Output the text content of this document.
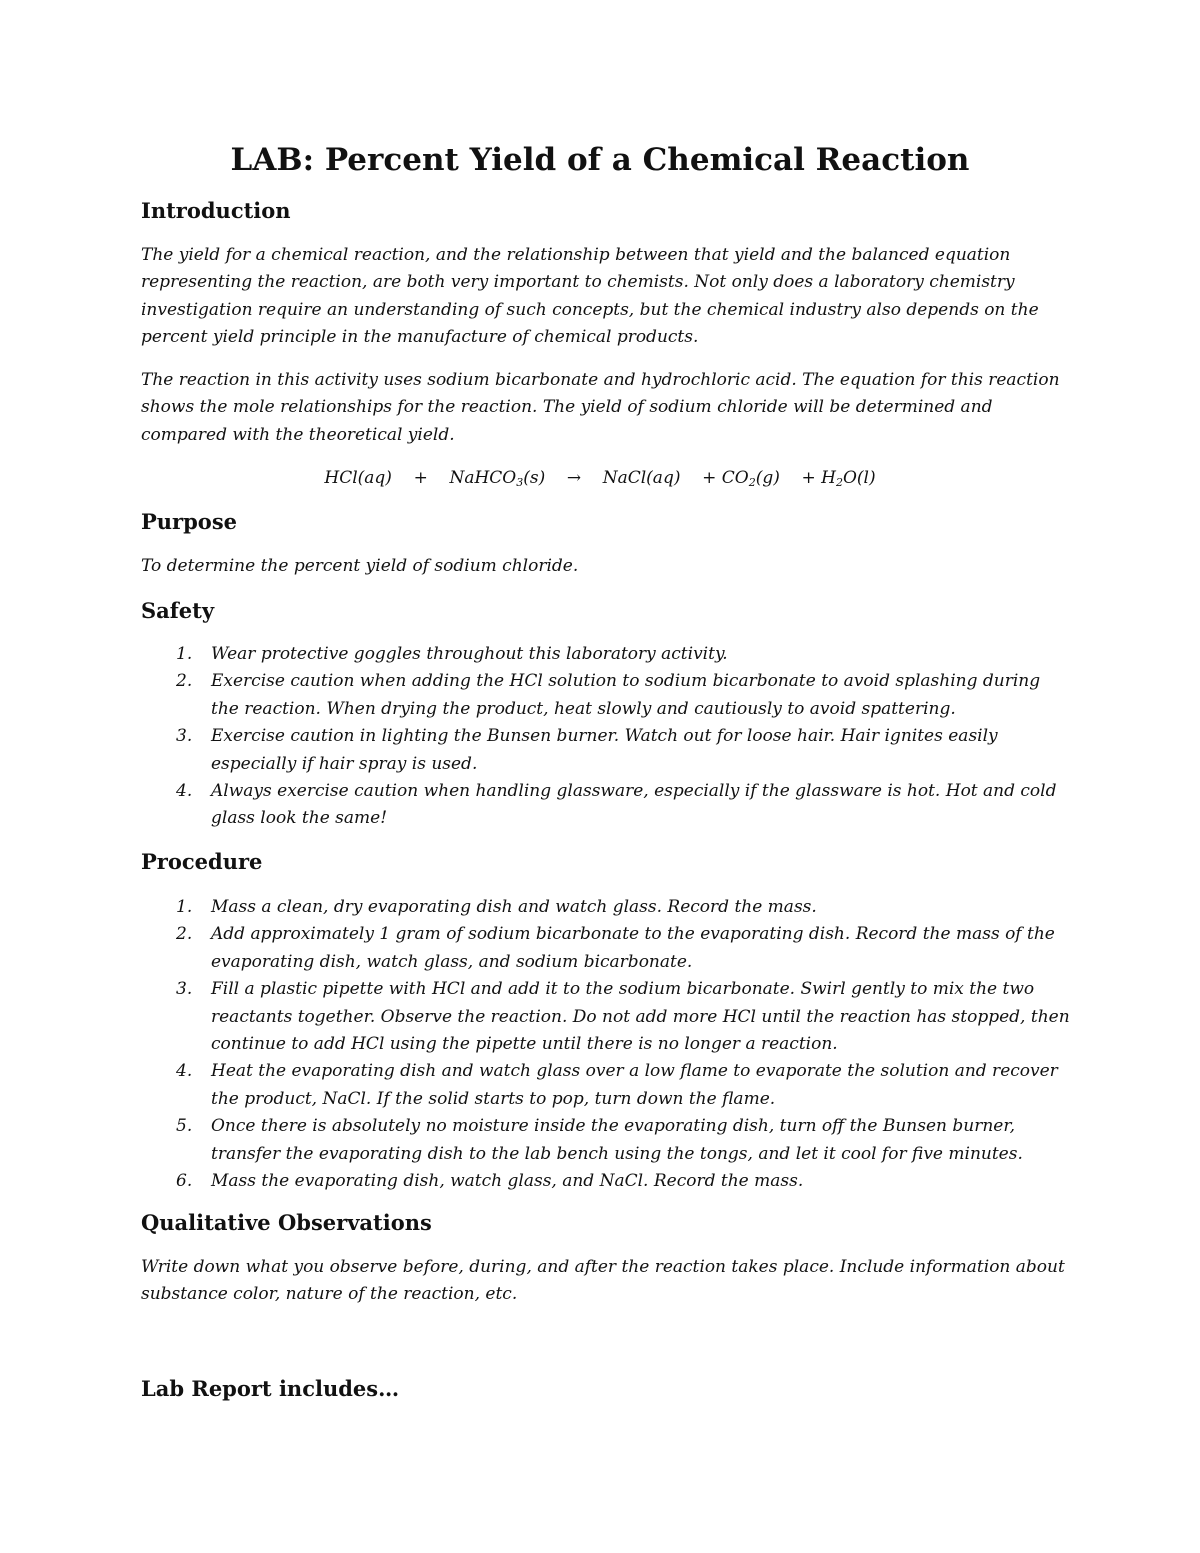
LAB: Percent Yield of a Chemical Reaction
Introduction

The yield for a chemical reaction, and the relationship between that yield and the balanced equation representing the reaction, are both very important to chemists. Not only does a laboratory chemistry investigation require an understanding of such concepts, but the chemical industry also depends on the percent yield principle in the manufacture of chemical products.

The reaction in this activity uses sodium bicarbonate and hydrochloric acid. The equation for this reaction shows the mole relationships for the reaction. The yield of sodium chloride will be determined and compared with the theoretical yield.

HCl(aq) + NaHCO$_3$(s) → NaCl(aq) + $CO_2(g) + H_2O(l)$

Purpose

To determine the percent yield of sodium chloride.

Safety
1. Wear protective goggles throughout this laboratory activity.
2. Exercise caution when adding the HCl solution to sodium bicarbonate to avoid splashing during the reaction. When drying the product, heat slowly and cautiously to avoid spattering.
3. Exercise caution in lighting the Bunsen burner. Watch out for loose hair. Hair ignites easily especially if hair spray is used.
4. Always exercise caution when handling glassware, especially if the glassware is hot. Hot and cold glass look the same!
Procedure
1. Mass a clean, dry evaporating dish and watch glass. Record the mass.
2. Add approximately 1 gram of sodium bicarbonate to the evaporating dish. Record the mass of the evaporating dish, watch glass, and sodium bicarbonate.
3. Fill a plastic pipette with HCl and add it to the sodium bicarbonate. Swirl gently to mix the two reactants together. Observe the reaction. Do not add more HCl until the reaction has stopped, then continue to add HCl using the pipette until there is no longer a reaction.
4. Heat the evaporating dish and watch glass over a low flame to evaporate the solution and recover the product, NaCl. If the solid starts to pop, turn down the flame.
5. Once there is absolutely no moisture inside the evaporating dish, turn off the Bunsen burner, transfer the evaporating dish to the lab bench using the tongs, and let it cool for five minutes.
6. Mass the evaporating dish, watch glass, and NaCl. Record the mass.
Qualitative Observations

Write down what you observe before, during, and after the reaction takes place. Include information about substance color, nature of the reaction, etc.

Lab Report includes…
